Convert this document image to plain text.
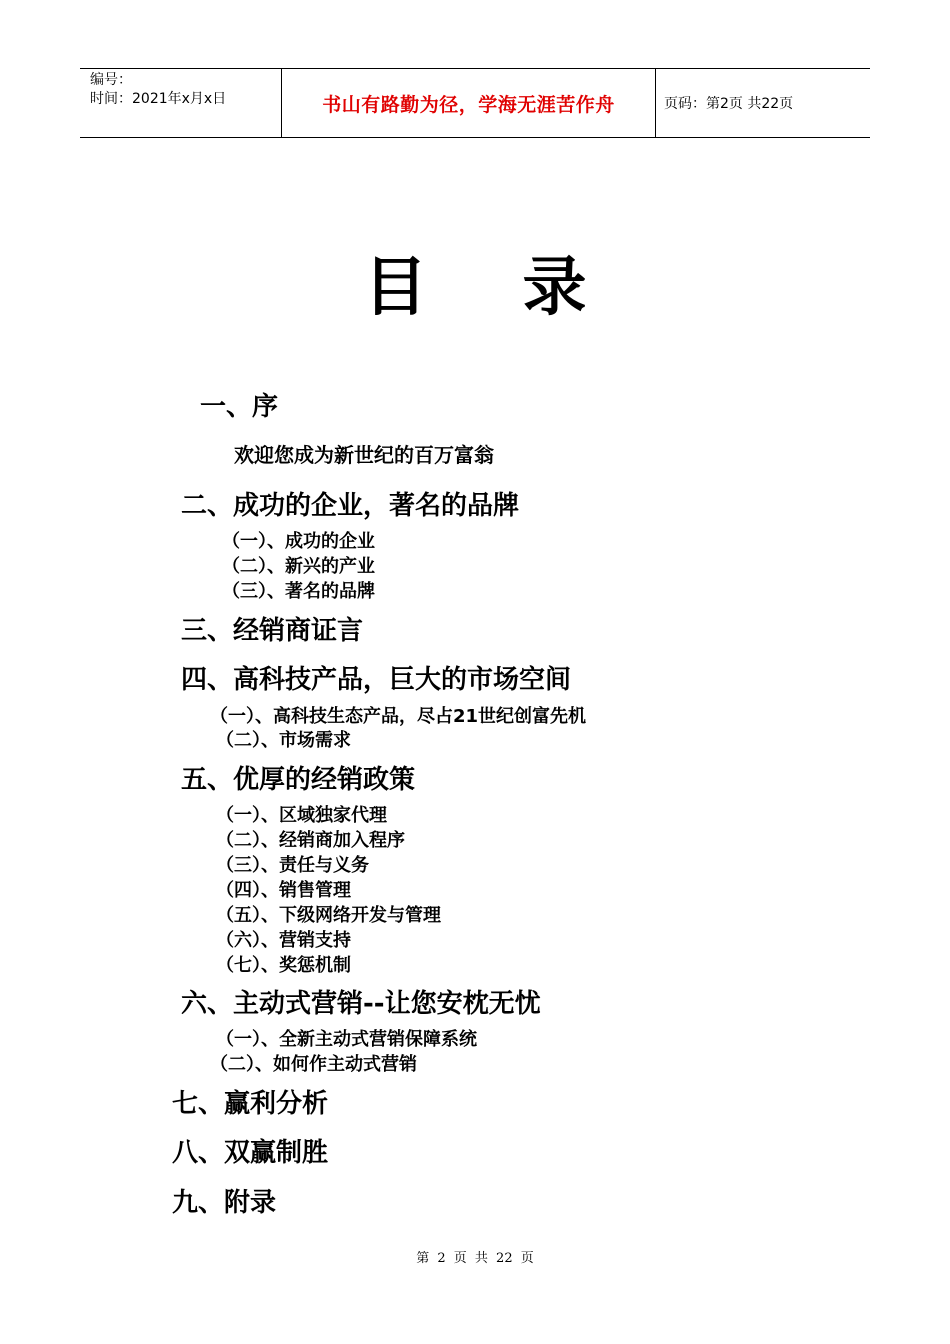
编号：
时间：2021年x月x日	书山有路勤为径，学海无涯苦作舟	页码：第2页 共22页
目录
一、序
欢迎您成为新世纪的百万富翁
二、成功的企业，著名的品牌
（一）、成功的企业
（二）、新兴的产业
（三）、著名的品牌
三、经销商证言
四、高科技产品，巨大的市场空间
（一）、高科技生态产品，尽占21世纪创富先机
（二）、市场需求
五、优厚的经销政策
（一）、区域独家代理
（二）、经销商加入程序
（三）、责任与义务
（四）、销售管理
（五）、下级网络开发与管理
（六）、营销支持
（七）、奖惩机制
六、主动式营销--让您安枕无忧
（一）、全新主动式营销保障系统
（二）、如何作主动式营销
七、赢利分析
八、双赢制胜
九、附录
第 2 页 共 22 页
